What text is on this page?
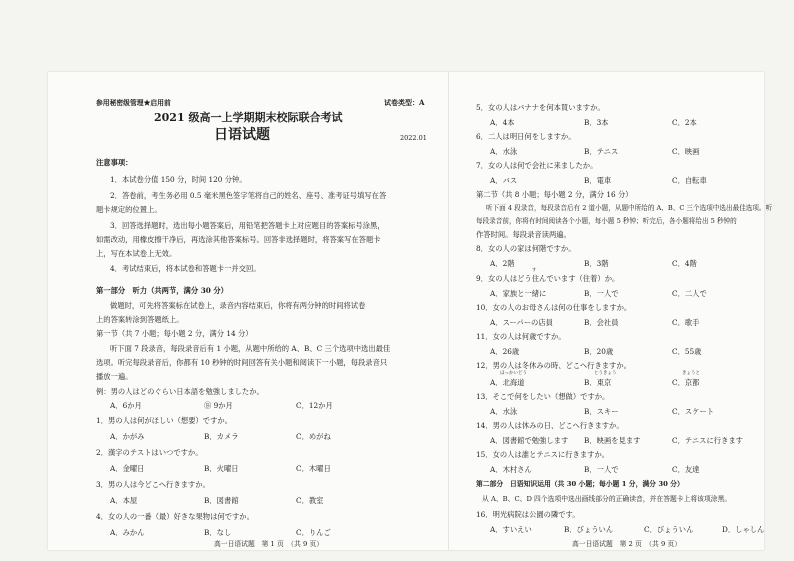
参用秘密级管理★启用前	试卷类型：A
2021 级高一上学期期末校际联合考试
日语试题	2022.01
注意事项：
1．本试卷分值 150 分，时间 120 分钟。
2．答卷前，考生务必用 0.5 毫米黑色签字笔将自己的姓名、座号、准考证号填写在答
题卡规定的位置上。
3．回答选择题时，选出每小题答案后，用铅笔把答题卡上对应题目的答案标号涂黑，
如需改动，用橡皮擦干净后，再选涂其他答案标号。回答非选择题时，将答案写在答题卡
上，写在本试卷上无效。
4．考试结束后，将本试卷和答题卡一并交回。
第一部分　听力（共两节，满分 30 分）
做题时，可先将答案标在试卷上，录音内容结束后，你将有两分钟的时间将试卷
上的答案转涂到答题纸上。
第一节（共 7 小题；每小题 2 分，满分 14 分）
听下面 7 段录音，每段录音后有 1 小题，从题中所给的 A、B、C 三个选项中选出最佳
选项。听完每段录音后，你都有 10 秒钟的时间回答有关小题和阅读下一小题，每段录音只
播放一遍。
例：男の人はどのぐらい日本語を勉強しましたか。
A．6か月	Ⓑ 9か月	C．12か月
1．男の人は何がほしい（想要）ですか。
A．かがみ	B．カメラ	C．めがね
2．漢字のテストはいつですか。
A．金曜日	B．火曜日	C．木曜日
3．男の人は今どこへ行きますか。
A．本屋	B．図書館	C．教室
4．女の人の一番（最）好きな果物は何ですか。
A．みかん	B．なし	C．りんご
高一日语试题　第 1 页　（共 9 页）
5．女の人はバナナを何本買いますか。
A．4本	B．3本	C．2本
6．二人は明日何をしますか。
A．水泳	B．テニス	C．映画
7．女の人は何で会社に来ましたか。
A．バス	B．電車	C．自転車
第二节（共 8 小题；每小题 2 分，满分 16 分）
听下面 4 段录音，每段录音后有 2 道小题，从题中所给的 A、B、C 三个选项中选出最佳选项。听
每段录音前，你将有时间阅读各个小题，每小题 5 秒钟；听完后，各小题将给出 5 秒钟的
作答时间。每段录音读两遍。
8．女の人の家は何階ですか。
A．2階	B．3階	C．4階
す
9．女の人はどう住んでいます（住着）か。
A．家族と一緒に	B．一人で	C．二人で
10．女の人のお母さんは何の仕事をしますか。
A．スーパーの店員	B．会社員	C．歌手
11．女の人は何歳ですか。
A．26歳	B．20歳	C．55歳
12．男の人は冬休みの時、どこへ行きますか。
ほっかいどう	とうきょう	きょうと
A．北海道	B．東京	C．京都
13．そこで何をしたい（想做）ですか。
A．水泳	B．スキー	C．スケート
14．男の人は休みの日、どこへ行きますか。
A．図書館で勉強します B．映画を見ます	C．テニスに行きます
15．女の人は誰とテニスに行きますか。
A．木村さん	B．一人で	C．友達
第二部分　日语知识运用（共 30 小题；每小题 1 分，满分 30 分）
从 A、B、C、D 四个选项中选出画线部分的正确读音，并在答题卡上将该项涂黑。
16．明光病院は公園の隣です。
A．すいえい	B．びょういん	C．びょういん	D．しゃしん
高一日语试题　第 2 页　（共 9 页）
